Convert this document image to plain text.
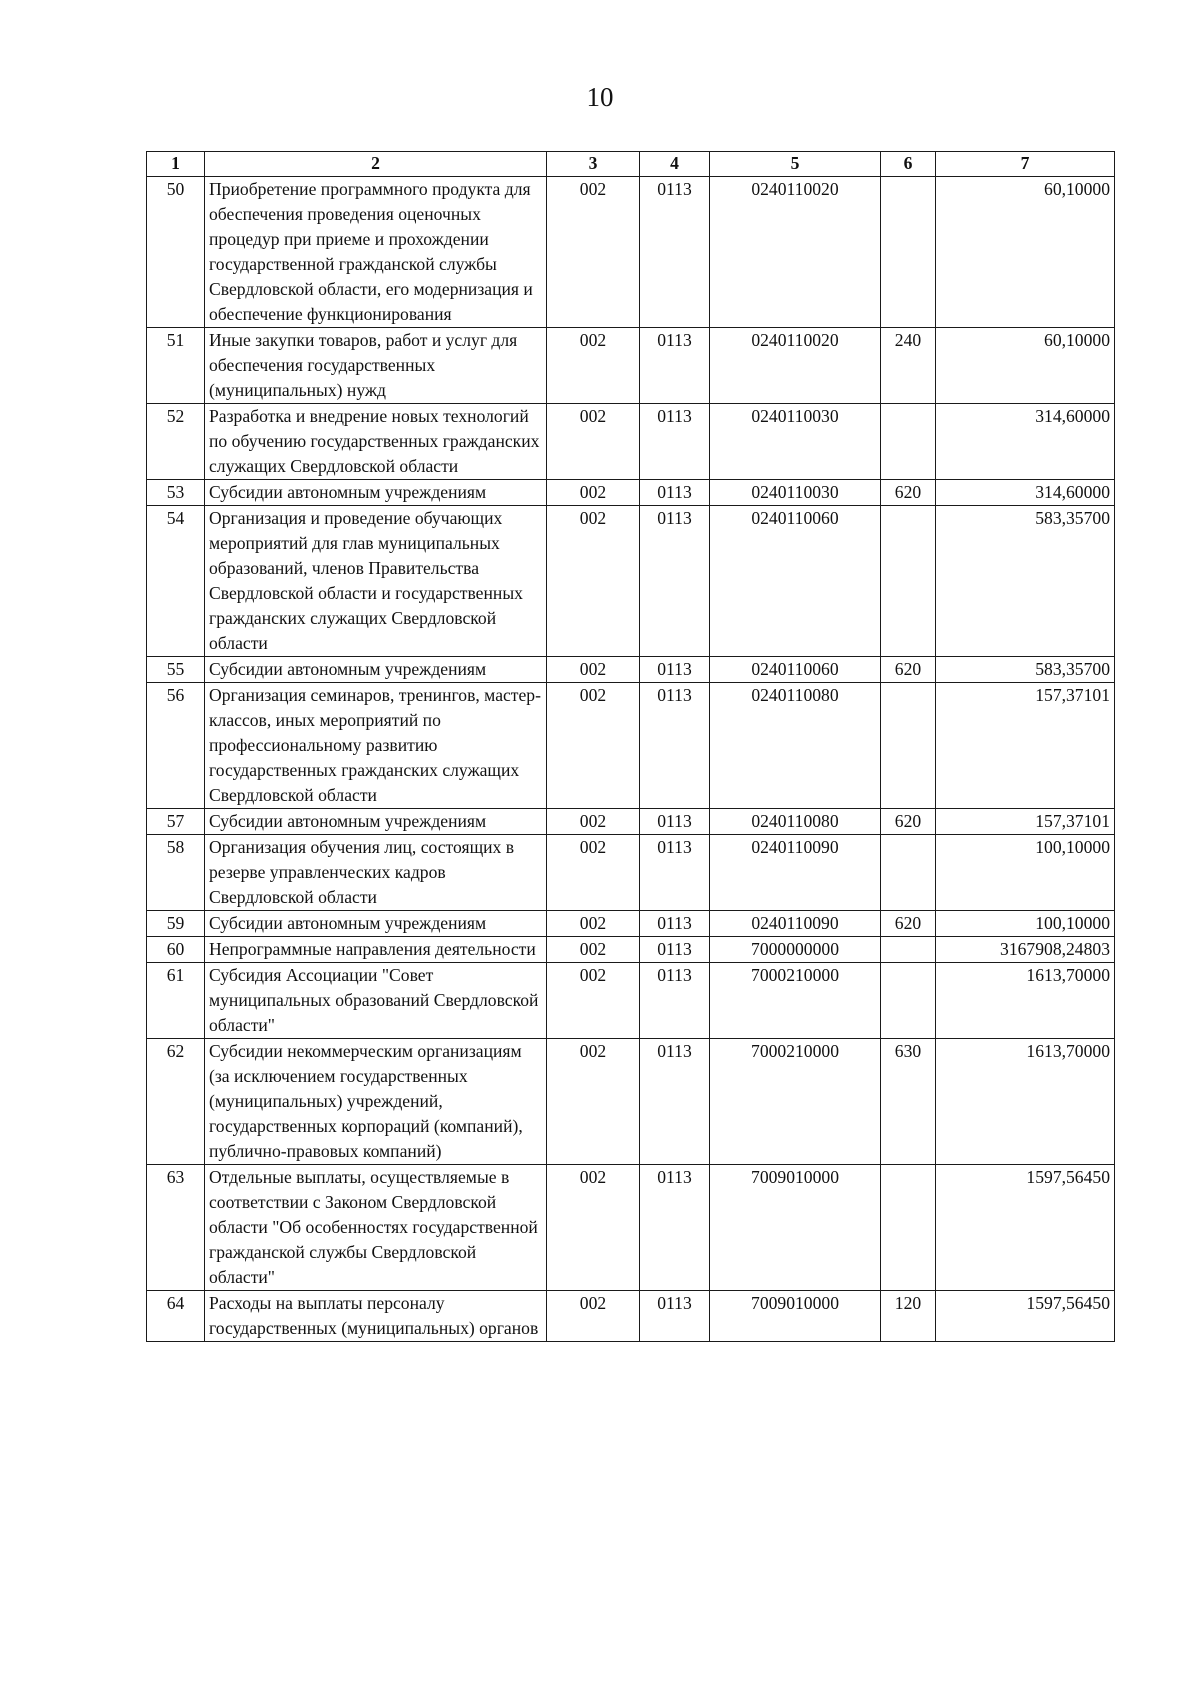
10
1	2	3	4	5	6	7
50	Приобретение программного продукта для обеспечения проведения оценочных процедур при приеме и прохождении государственной гражданской службы Свердловской области, его модернизация и обеспечение функционирования	002	0113	0240110020		60,10000
51	Иные закупки товаров, работ и услуг для обеспечения государственных (муниципальных) нужд	002	0113	0240110020	240	60,10000
52	Разработка и внедрение новых технологий по обучению государственных гражданских служащих Свердловской области	002	0113	0240110030		314,60000
53	Субсидии автономным учреждениям	002	0113	0240110030	620	314,60000
54	Организация и проведение обучающих мероприятий для глав муниципальных образований, членов Правительства Свердловской области и государственных гражданских служащих Свердловской области	002	0113	0240110060		583,35700
55	Субсидии автономным учреждениям	002	0113	0240110060	620	583,35700
56	Организация семинаров, тренингов, мастер-классов, иных мероприятий по профессиональному развитию государственных гражданских служащих Свердловской области	002	0113	0240110080		157,37101
57	Субсидии автономным учреждениям	002	0113	0240110080	620	157,37101
58	Организация обучения лиц, состоящих в резерве управленческих кадров Свердловской области	002	0113	0240110090		100,10000
59	Субсидии автономным учреждениям	002	0113	0240110090	620	100,10000
60	Непрограммные направления деятельности	002	0113	7000000000		3167908,24803
61	Субсидия Ассоциации "Совет муниципальных образований Свердловской области"	002	0113	7000210000		1613,70000
62	Субсидии некоммерческим организациям (за исключением государственных (муниципальных) учреждений, государственных корпораций (компаний), публично-правовых компаний)	002	0113	7000210000	630	1613,70000
63	Отдельные выплаты, осуществляемые в соответствии с Законом Свердловской области "Об особенностях государственной гражданской службы Свердловской области"	002	0113	7009010000		1597,56450
64	Расходы на выплаты персоналу государственных (муниципальных) органов	002	0113	7009010000	120	1597,56450
